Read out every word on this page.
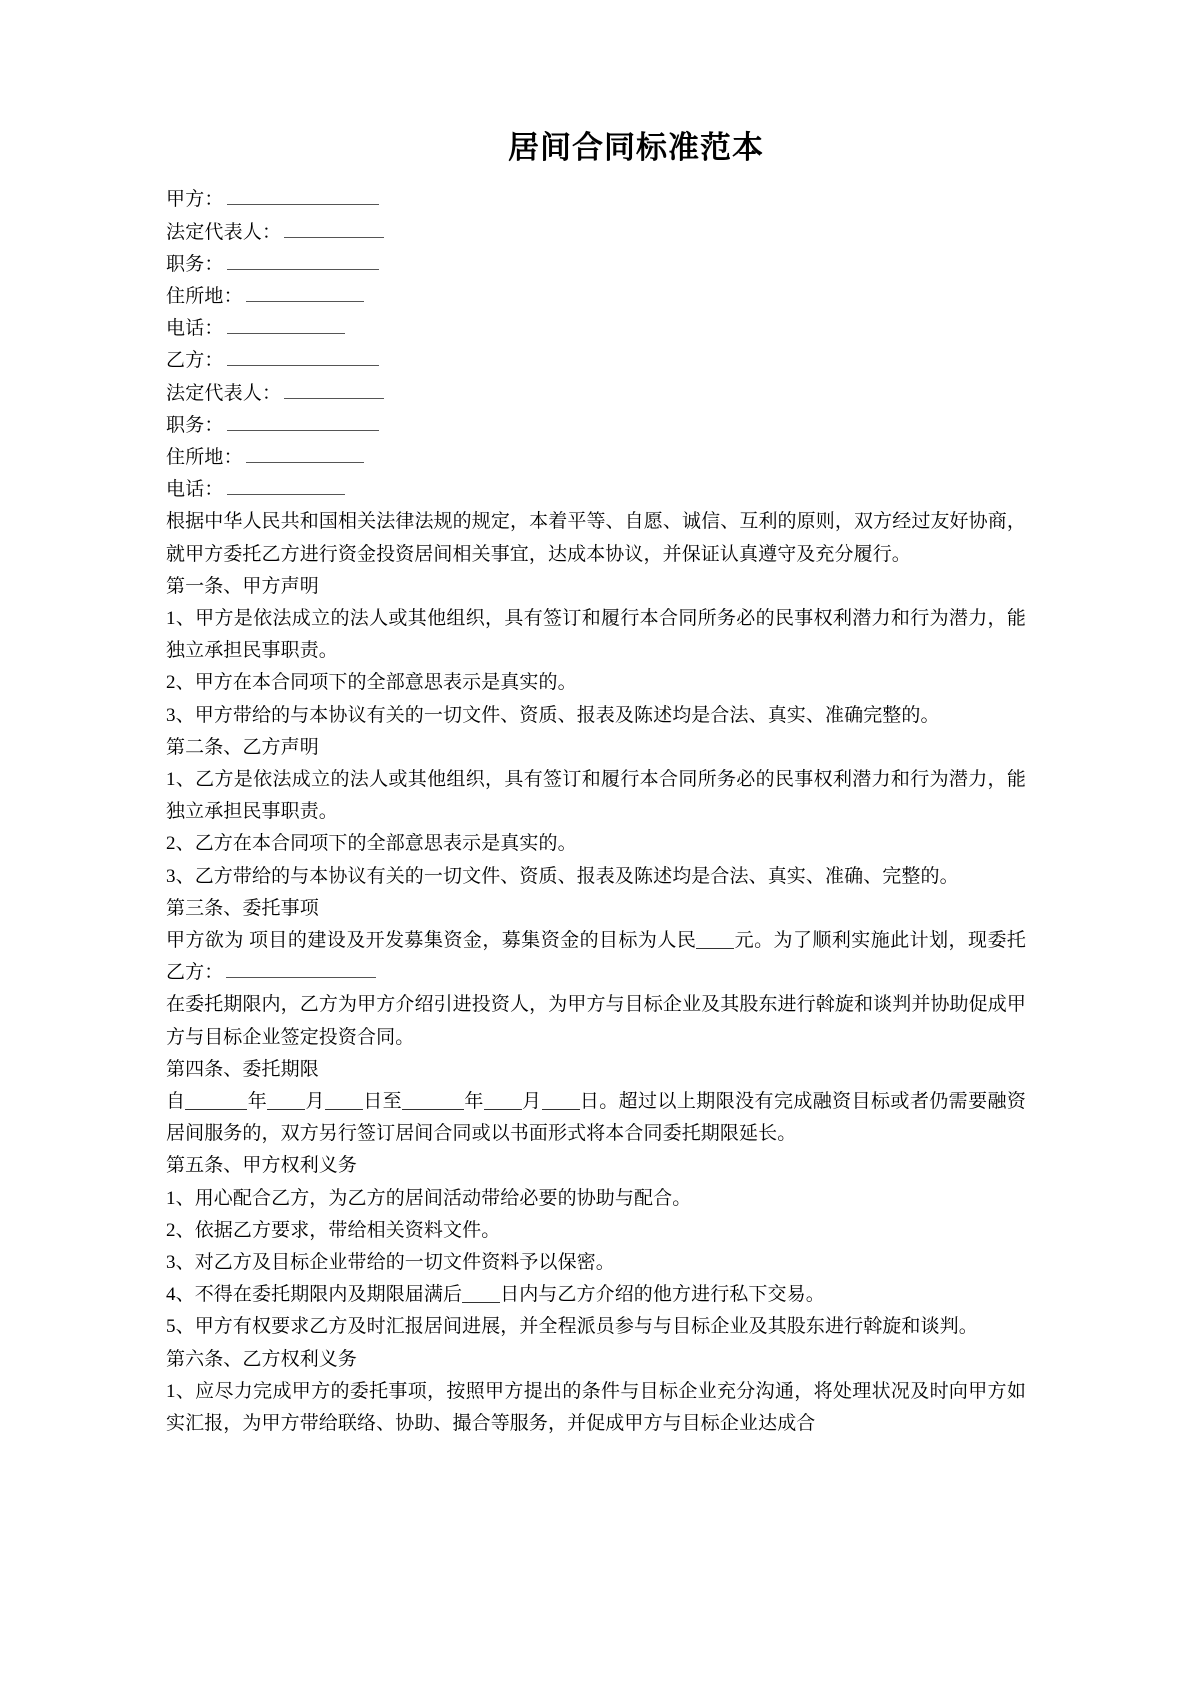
居间合同标准范本
甲方：
法定代表人：
职务：
住所地：
电话：
乙方：
法定代表人：
职务：
住所地：
电话：

根据中华人民共和国相关法律法规的规定，本着平等、自愿、诚信、互利的原则，双方经过友好协商，就甲方委托乙方进行资金投资居间相关事宜，达成本协议，并保证认真遵守及充分履行。

第一条、甲方声明

1、甲方是依法成立的法人或其他组织，具有签订和履行本合同所务必的民事权利潜力和行为潜力，能独立承担民事职责。

2、甲方在本合同项下的全部意思表示是真实的。

3、甲方带给的与本协议有关的一切文件、资质、报表及陈述均是合法、真实、准确完整的。

第二条、乙方声明

1、乙方是依法成立的法人或其他组织，具有签订和履行本合同所务必的民事权利潜力和行为潜力，能独立承担民事职责。

2、乙方在本合同项下的全部意思表示是真实的。

3、乙方带给的与本协议有关的一切文件、资质、报表及陈述均是合法、真实、准确、完整的。

第三条、委托事项

甲方欲为 项目的建设及开发募集资金，募集资金的目标为人民 元。为了顺利实施此计划，现委托乙方：

在委托期限内，乙方为甲方介绍引进投资人，为甲方与目标企业及其股东进行斡旋和谈判并协助促成甲方与目标企业签定投资合同。

第四条、委托期限

自	年 月 日至	年 月 日。超过以上期限没有完成融资目标或者仍需要融资居间服务的，双方另行签订居间合同或以书面形式将本合同委托期限延长。

第五条、甲方权利义务

1、用心配合乙方，为乙方的居间活动带给必要的协助与配合。

2、依据乙方要求，带给相关资料文件。

3、对乙方及目标企业带给的一切文件资料予以保密。

4、不得在委托期限内及期限届满后 日内与乙方介绍的他方进行私下交易。

5、甲方有权要求乙方及时汇报居间进展，并全程派员参与与目标企业及其股东进行斡旋和谈判。

第六条、乙方权利义务

1、应尽力完成甲方的委托事项，按照甲方提出的条件与目标企业充分沟通，将处理状况及时向甲方如实汇报，为甲方带给联络、协助、撮合等服务，并促成甲方与目标企业达成合
